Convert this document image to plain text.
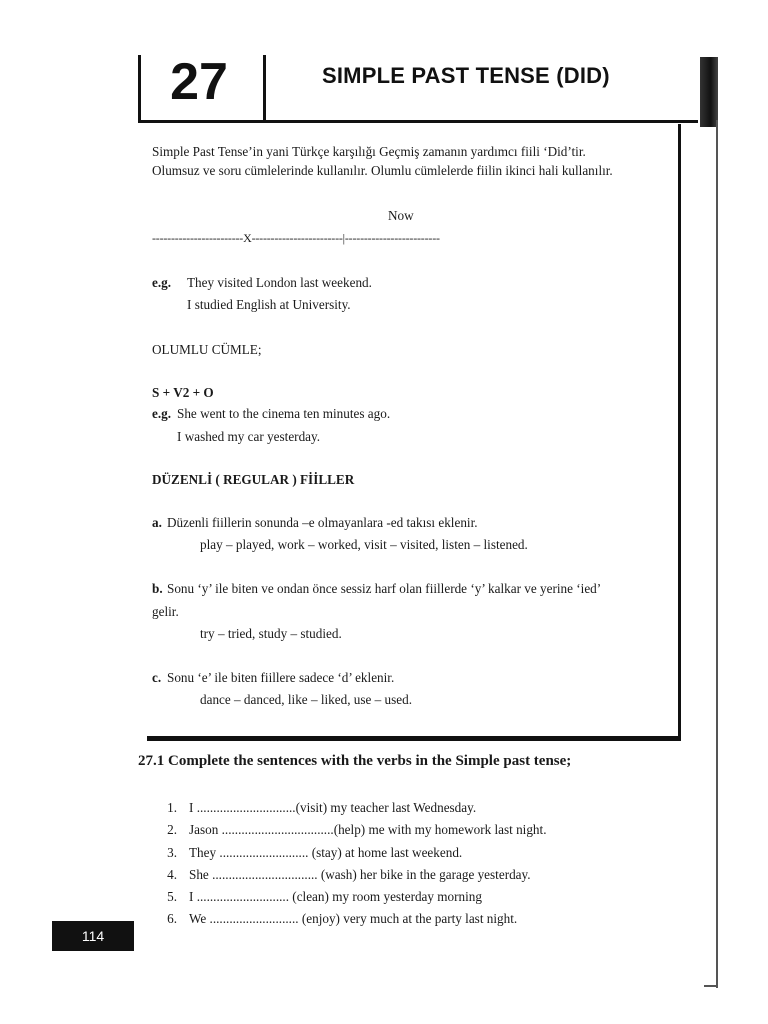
27	SIMPLE PAST TENSE (DID)
Simple Past Tense’in yani Türkçe karşılığı Geçmiş zamanın yardımcı fiili ‘Did’tir.
Olumsuz ve soru cümlelerinde kullanılır. Olumlu cümlelerde fiilin ikinci hali kullanılır.
Now
------------------------X------------------------|-------------------------
e.g. They visited London last weekend.
I studied English at University.
OLUMLU CÜMLE;
S + V2 + O
e.g. She went to the cinema ten minutes ago.
I washed my car yesterday.
DÜZENLİ ( REGULAR ) FİİLLER
a. Düzenli fiillerin sonunda –e olmayanlara -ed takısı eklenir.
play – played, work – worked, visit – visited, listen – listened.
b. Sonu ‘y’ ile biten ve ondan önce sessiz harf olan fiillerde ‘y’ kalkar ve yerine ‘ied’
gelir.
try – tried, study – studied.
c. Sonu ‘e’ ile biten fiillere sadece ‘d’ eklenir.
dance – danced, like – liked, use – used.
27.1 Complete the sentences with the verbs in the Simple past tense;
1. I ..............................(visit) my teacher last Wednesday.
2. Jason ..................................(help) me with my homework last night.
3. They ........................... (stay) at home last weekend.
4. She ................................ (wash) her bike in the garage yesterday.
5. I ............................ (clean) my room yesterday morning
6. We ........................... (enjoy) very much at the party last night.
114
